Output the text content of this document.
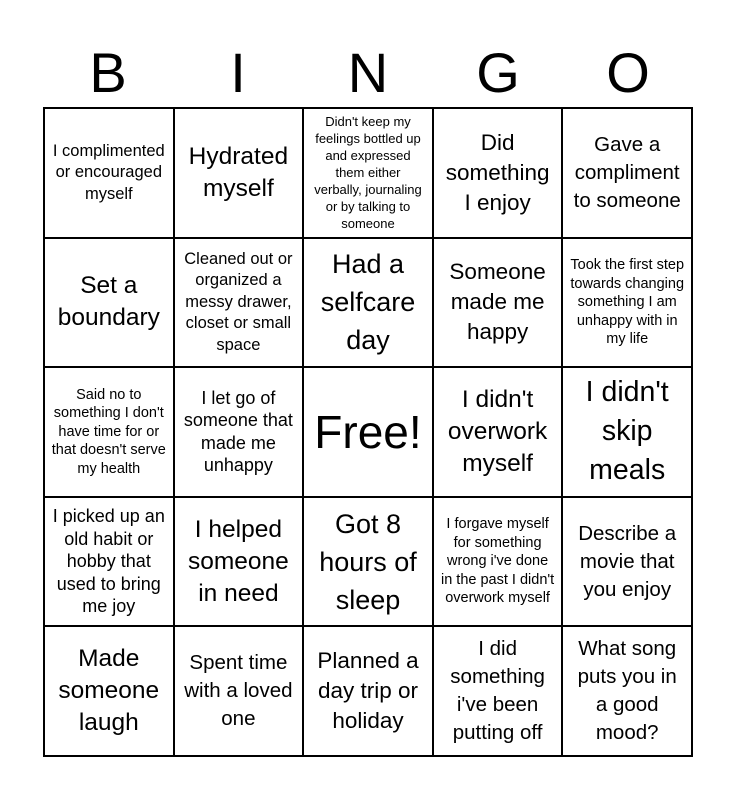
B	I	N	G	O
I complimented or encouraged myself
Hydrated myself
Didn't keep my feelings bottled up and expressed them either verbally, journaling or by talking to someone
Did something I enjoy
Gave a compliment to someone
Set a boundary
Cleaned out or organized a messy drawer, closet or small space
Had a selfcare day
Someone made me happy
Took the first step towards changing something I am unhappy with in my life
Said no to something I don't have time for or that doesn't serve my health
I let go of someone that made me unhappy
Free!
I didn't overwork myself
I didn't skip meals
I picked up an old habit or hobby that used to bring me joy
I helped someone in need
Got 8 hours of sleep
I forgave myself for something wrong i've done in the past I didn't overwork myself
Describe a movie that you enjoy
Made someone laugh
Spent time with a loved one
Planned a day trip or holiday
I did something i've been putting off
What song puts you in a good mood?
